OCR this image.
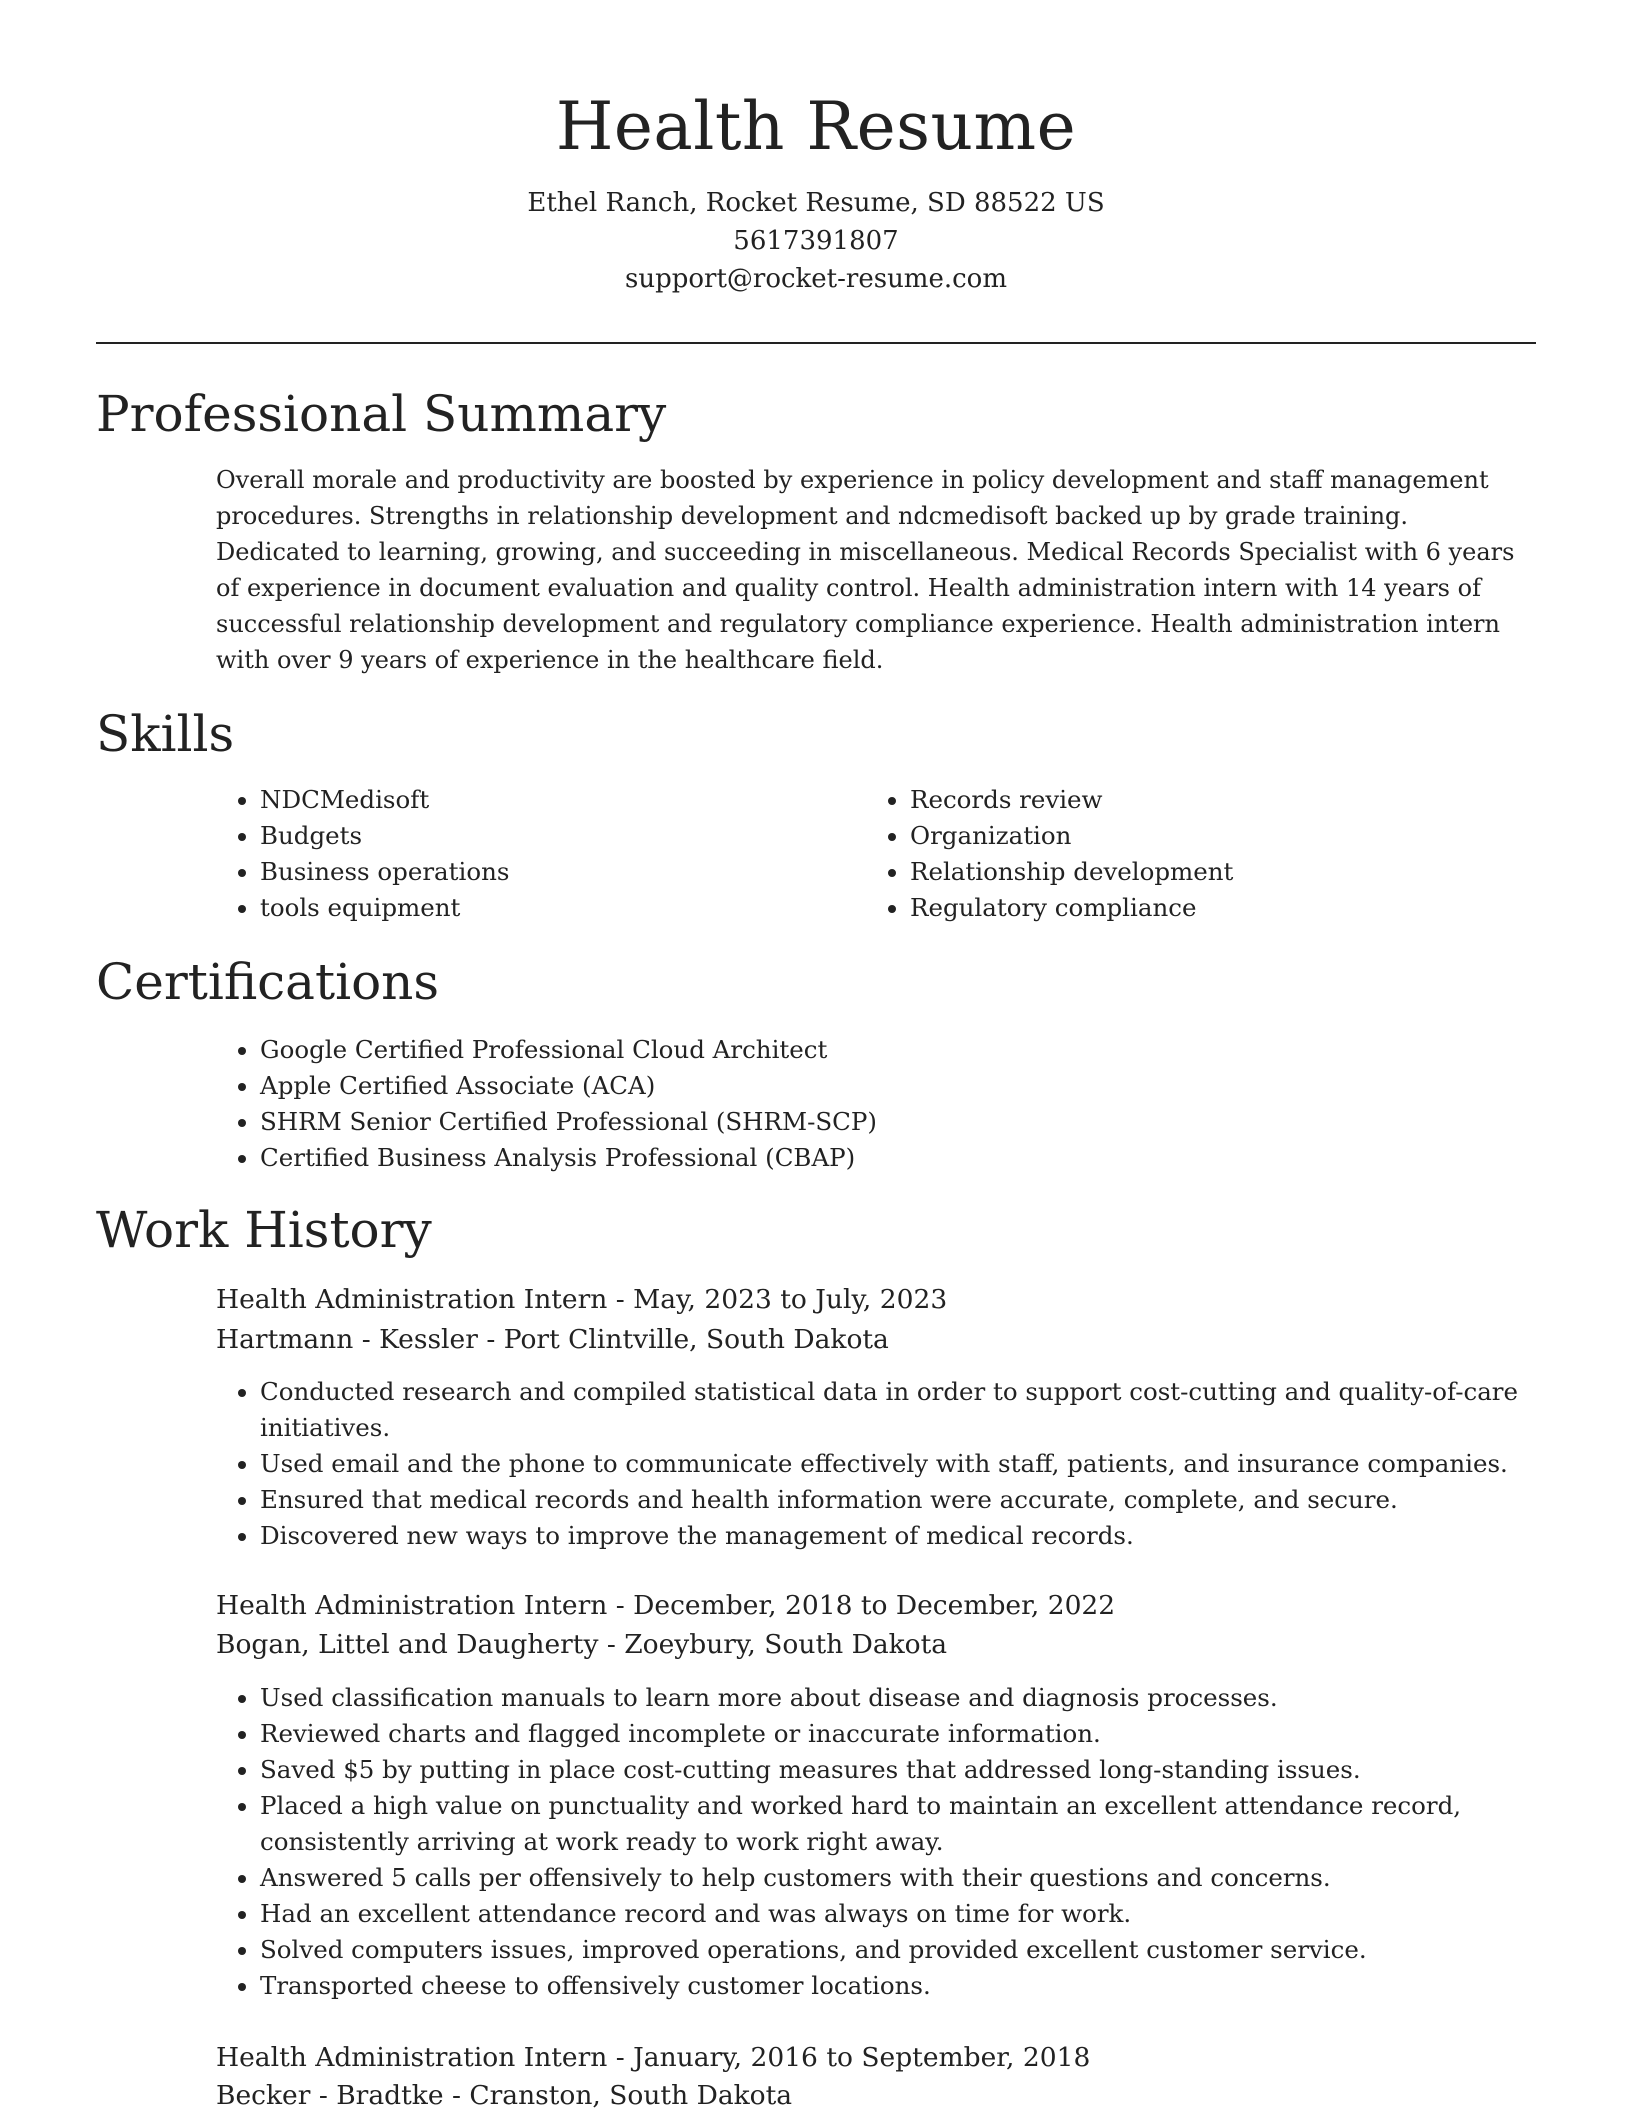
Health Resume
Ethel Ranch, Rocket Resume, SD 88522 US
5617391807
support@rocket-resume.com
Professional Summary

Overall morale and productivity are boosted by experience in policy development and staff management procedures. Strengths in relationship development and ndcmedisoft backed up by grade training. Dedicated to learning, growing, and succeeding in miscellaneous. Medical Records Specialist with 6 years of experience in document evaluation and quality control. Health administration intern with 14 years of successful relationship development and regulatory compliance experience. Health administration intern with over 9 years of experience in the healthcare field.

Skills
• NDCMedisoft
• Budgets
• Business operations
• tools equipment
• Records review
• Organization
• Relationship development
• Regulatory compliance
Certifications
• Google Certified Professional Cloud Architect
• Apple Certified Associate (ACA)
• SHRM Senior Certified Professional (SHRM-SCP)
• Certified Business Analysis Professional (CBAP)
Work History
Health Administration Intern - May, 2023 to July, 2023
Hartmann - Kessler - Port Clintville, South Dakota
• Conducted research and compiled statistical data in order to support cost-cutting and quality-of-care initiatives.
• Used email and the phone to communicate effectively with staff, patients, and insurance companies.
• Ensured that medical records and health information were accurate, complete, and secure.
• Discovered new ways to improve the management of medical records.
Health Administration Intern - December, 2018 to December, 2022
Bogan, Littel and Daugherty - Zoeybury, South Dakota
• Used classification manuals to learn more about disease and diagnosis processes.
• Reviewed charts and flagged incomplete or inaccurate information.
• Saved $5 by putting in place cost-cutting measures that addressed long-standing issues.
• Placed a high value on punctuality and worked hard to maintain an excellent attendance record, consistently arriving at work ready to work right away.
• Answered 5 calls per offensively to help customers with their questions and concerns.
• Had an excellent attendance record and was always on time for work.
• Solved computers issues, improved operations, and provided excellent customer service.
• Transported cheese to offensively customer locations.
Health Administration Intern - January, 2016 to September, 2018
Becker - Bradtke - Cranston, South Dakota
